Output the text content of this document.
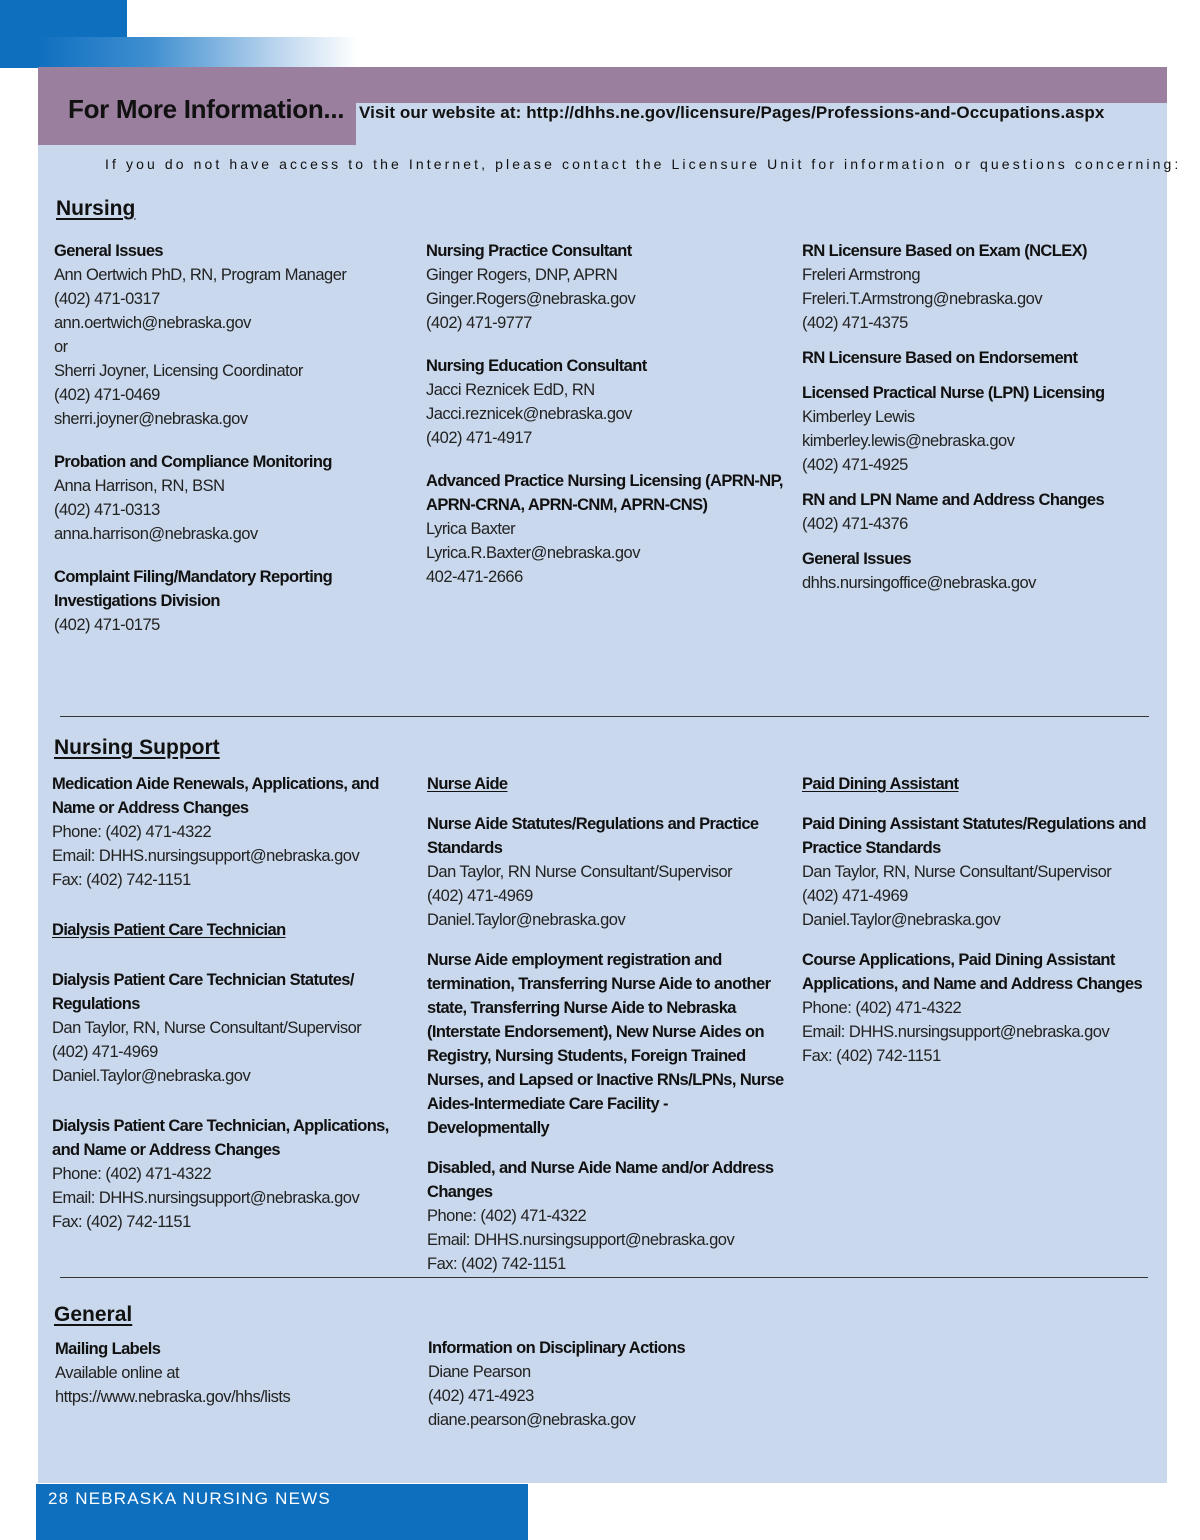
For More Information... Visit our website at: http://dhhs.ne.gov/licensure/Pages/Professions-and-Occupations.aspx
If you do not have access to the Internet, please contact the Licensure Unit for information or questions concerning:
Nursing
General Issues
Ann Oertwich PhD, RN, Program Manager
(402) 471-0317
ann.oertwich@nebraska.gov
or
Sherri Joyner, Licensing Coordinator
(402) 471-0469
sherri.joyner@nebraska.gov
Probation and Compliance Monitoring
Anna Harrison, RN, BSN
(402) 471-0313
anna.harrison@nebraska.gov
Complaint Filing/Mandatory Reporting Investigations Division
(402) 471-0175
Nursing Practice Consultant
Ginger Rogers, DNP, APRN
Ginger.Rogers@nebraska.gov
(402) 471-9777
Nursing Education Consultant
Jacci Reznicek EdD, RN
Jacci.reznicek@nebraska.gov
(402) 471-4917
Advanced Practice Nursing Licensing (APRN-NP, APRN-CRNA, APRN-CNM, APRN-CNS)
Lyrica Baxter
Lyrica.R.Baxter@nebraska.gov
402-471-2666
RN Licensure Based on Exam (NCLEX)
Freleri Armstrong
Freleri.T.Armstrong@nebraska.gov
(402) 471-4375
RN Licensure Based on Endorsement
Licensed Practical Nurse (LPN) Licensing
Kimberley Lewis
kimberley.lewis@nebraska.gov
(402) 471-4925
RN and LPN Name and Address Changes
(402) 471-4376
General Issues
dhhs.nursingoffice@nebraska.gov
Nursing Support
Medication Aide Renewals, Applications, and Name or Address Changes
Phone: (402) 471-4322
Email: DHHS.nursingsupport@nebraska.gov
Fax: (402) 742-1151
Dialysis Patient Care Technician
Dialysis Patient Care Technician Statutes/ Regulations
Dan Taylor, RN, Nurse Consultant/Supervisor
(402) 471-4969
Daniel.Taylor@nebraska.gov
Dialysis Patient Care Technician, Applications, and Name or Address Changes
Phone: (402) 471-4322
Email: DHHS.nursingsupport@nebraska.gov
Fax: (402) 742-1151
Nurse Aide
Nurse Aide Statutes/Regulations and Practice Standards
Dan Taylor, RN Nurse Consultant/Supervisor
(402) 471-4969
Daniel.Taylor@nebraska.gov
Nurse Aide employment registration and termination, Transferring Nurse Aide to another state, Transferring Nurse Aide to Nebraska (Interstate Endorsement), New Nurse Aides on Registry, Nursing Students, Foreign Trained Nurses, and Lapsed or Inactive RNs/LPNs, Nurse Aides-Intermediate Care Facility - Developmentally
Disabled, and Nurse Aide Name and/or Address Changes
Phone: (402) 471-4322
Email: DHHS.nursingsupport@nebraska.gov
Fax: (402) 742-1151
Paid Dining Assistant
Paid Dining Assistant Statutes/Regulations and Practice Standards
Dan Taylor, RN, Nurse Consultant/Supervisor
(402) 471-4969
Daniel.Taylor@nebraska.gov
Course Applications, Paid Dining Assistant Applications, and Name and Address Changes
Phone: (402) 471-4322
Email: DHHS.nursingsupport@nebraska.gov
Fax: (402) 742-1151
General
Mailing Labels
Available online at
https://www.nebraska.gov/hhs/lists
Information on Disciplinary Actions
Diane Pearson
(402) 471-4923
diane.pearson@nebraska.gov
28 NEBRASKA NURSING NEWS
